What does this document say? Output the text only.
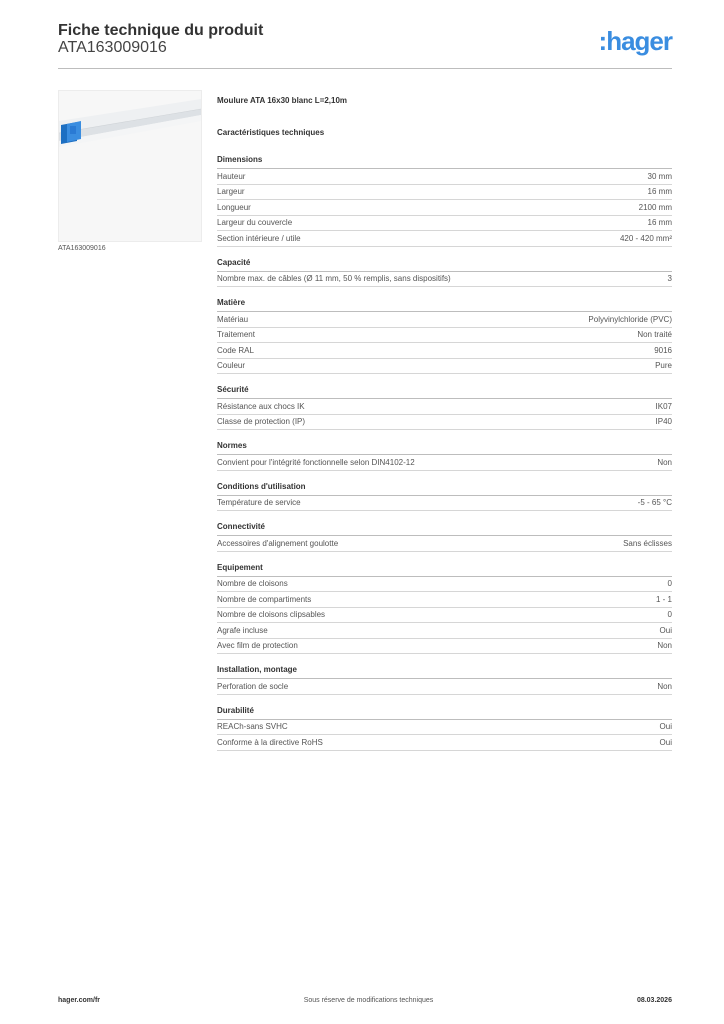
Fiche technique du produit
ATA163009016	:hager
ATA163009016
Moulure ATA 16x30 blanc L=2,10m
Caractéristiques techniques
Dimensions
Hauteur	30 mm
Largeur	16 mm
Longueur	2100 mm
Largeur du couvercle	16 mm
Section intérieure / utile	420 - 420 mm²
Capacité
Nombre max. de câbles (Ø 11 mm, 50 % remplis, sans dispositifs)	3
Matière
Matériau	Polyvinylchloride (PVC)
Traitement	Non traité
Code RAL	9016
Couleur	Pure
Sécurité
Résistance aux chocs IK	IK07
Classe de protection (IP)	IP40
Normes
Convient pour l'intégrité fonctionnelle selon DIN4102-12	Non
Conditions d'utilisation
Température de service	-5 - 65 °C
Connectivité
Accessoires d'alignement goulotte	Sans éclisses
Equipement
Nombre de cloisons	0
Nombre de compartiments	1 - 1
Nombre de cloisons clipsables	0
Agrafe incluse	Oui
Avec film de protection	Non
Installation, montage
Perforation de socle	Non
Durabilité
REACh-sans SVHC	Oui
Conforme à la directive RoHS	Oui
hager.com/fr	Sous réserve de modifications techniques	08.03.2026
